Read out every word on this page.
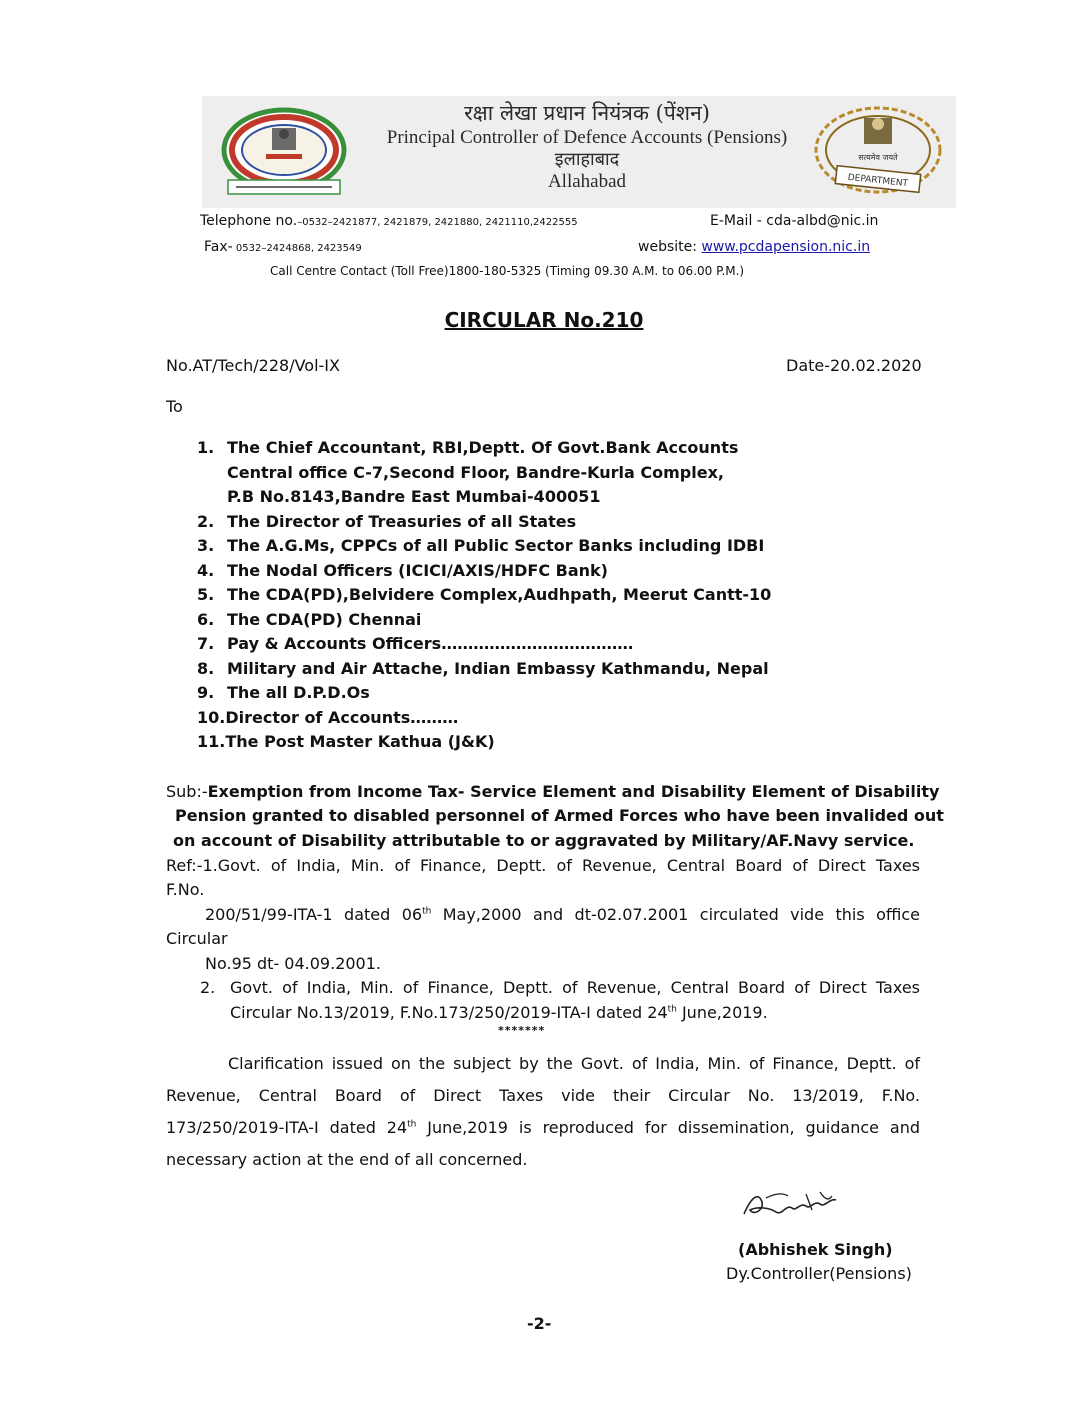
रक्षा लेखा प्रधान नियंत्रक (पेंशन)
Principal Controller of Defence Accounts (Pensions)
इलाहाबाद
Allahabad
सत्यमेव जयते
DEPARTMENT
Telephone no.–0532–2421877, 2421879, 2421880, 2421110,2422555	E-Mail - cda-albd@nic.in
Fax- 0532–2424868, 2423549	website: www.pcdapension.nic.in
Call Centre Contact (Toll Free)1800-180-5325 (Timing 09.30 A.M. to 06.00 P.M.)
CIRCULAR No.210
No.AT/Tech/228/Vol-IX	Date-20.02.2020
To
1. The Chief Accountant, RBI,Deptt. Of Govt.Bank Accounts
Central office C-7,Second Floor, Bandre-Kurla Complex,
P.B No.8143,Bandre East Mumbai-400051
2. The Director of Treasuries of all States
3. The A.G.Ms, CPPCs of all Public Sector Banks including IDBI
4. The Nodal Officers (ICICI/AXIS/HDFC Bank)
5. The CDA(PD),Belvidere Complex,Audhpath, Meerut Cantt-10
6. The CDA(PD) Chennai
7. Pay & Accounts Officers………………………………
8. Military and Air Attache, Indian Embassy Kathmandu, Nepal
9. The all D.P.D.Os
10.Director of Accounts………
11.The Post Master Kathua (J&K)
Sub:-Exemption from Income Tax- Service Element and Disability Element of Disability
Pension granted to disabled personnel of Armed Forces who have been invalided out
on account of Disability attributable to or aggravated by Military/AF.Navy service.
Ref:-1.Govt. of India, Min. of Finance, Deptt. of Revenue, Central Board of Direct Taxes
F.No.
200/51/99-ITA-1 dated 06th May,2000 and dt-02.07.2001 circulated vide this office
Circular
No.95 dt- 04.09.2001.
2. Govt. of India, Min. of Finance, Deptt. of Revenue, Central Board of Direct Taxes
Circular No.13/2019, F.No.173/250/2019-ITA-I dated 24th June,2019.
*******
Clarification issued on the subject by the Govt. of India, Min. of Finance, Deptt. of
Revenue, Central Board of Direct Taxes vide their Circular No. 13/2019, F.No.
173/250/2019-ITA-I dated 24th June,2019 is reproduced for dissemination, guidance and
necessary action at the end of all concerned.
(Abhishek Singh)
Dy.Controller(Pensions)
-2-
